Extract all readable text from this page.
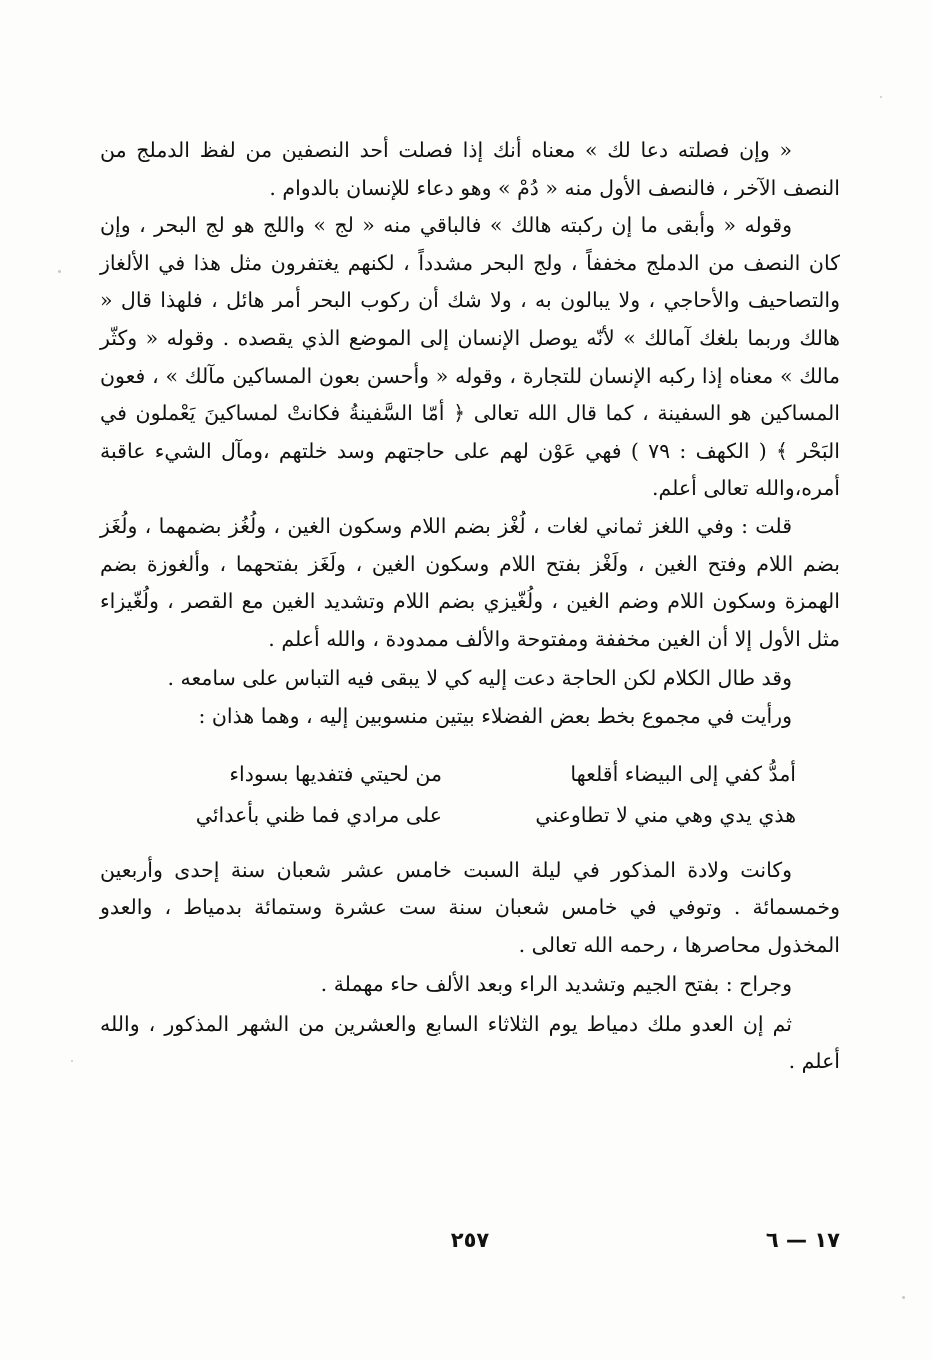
« وإن فصلته دعا لك » معناه أنك إذا فصلت أحد النصفين من لفظ الدملج من النصف الآخر ، فالنصف الأول منه « دُمْ » وهو دعاء للإنسان بالدوام .

وقوله « وأبقى ما إن ركبته هالك » فالباقي منه « لج » واللج هو لج البحر ، وإن كان النصف من الدملج مخففاً ، ولج البحر مشدداً ، لكنهم يغتفرون مثل هذا في الألغاز والتصاحيف والأحاجي ، ولا يبالون به ، ولا شك أن ركوب البحر أمر هائل ، فلهذا قال « هالك وربما بلغك آمالك » لأنّه يوصل الإنسان إلى الموضع الذي يقصده . وقوله « وكثّر مالك » معناه إذا ركبه الإنسان للتجارة ، وقوله « وأحسن بعون المساكين مآلك » ، فعون المساكين هو السفينة ، كما قال الله تعالى ﴿ أمّا السَّفينةُ فكانتْ لمساكينَ يَعْملون في البَحْر ﴾ ( الكهف : ٧٩ ) فهي عَوْن لهم على حاجتهم وسد خلتهم ،ومآل الشيء عاقبة أمره،والله تعالى أعلم.

قلت : وفي اللغز ثماني لغات ، لُغْز بضم اللام وسكون الغين ، ولُغُز بضمهما ، ولُغَز بضم اللام وفتح الغين ، ولَغْز بفتح اللام وسكون الغين ، ولَغَز بفتحهما ، وألغوزة بضم الهمزة وسكون اللام وضم الغين ، ولُغّيزي بضم اللام وتشديد الغين مع القصر ، ولُغّيزاء مثل الأول إلا أن الغين مخففة ومفتوحة والألف ممدودة ، والله أعلم .

وقد طال الكلام لكن الحاجة دعت إليه كي لا يبقى فيه التباس على سامعه .

ورأيت في مجموع بخط بعض الفضلاء بيتين منسوبين إليه ، وهما هذان :

أمدُّ كفي إلى البيضاء أقلعها
من لحيتي فتفديها بسوداء
هذي يدي وهي مني لا تطاوعني
على مرادي فما ظني بأعدائي

وكانت ولادة المذكور في ليلة السبت خامس عشر شعبان سنة إحدى وأربعين وخمسمائة . وتوفي في خامس شعبان سنة ست عشرة وستمائة بدمياط ، والعدو المخذول محاصرها ، رحمه الله تعالى .

وجراح : بفتح الجيم وتشديد الراء وبعد الألف حاء مهملة .

ثم إن العدو ملك دمياط يوم الثلاثاء السابع والعشرين من الشهر المذكور ، والله أعلم .

١٧ — ٦
٢٥٧
